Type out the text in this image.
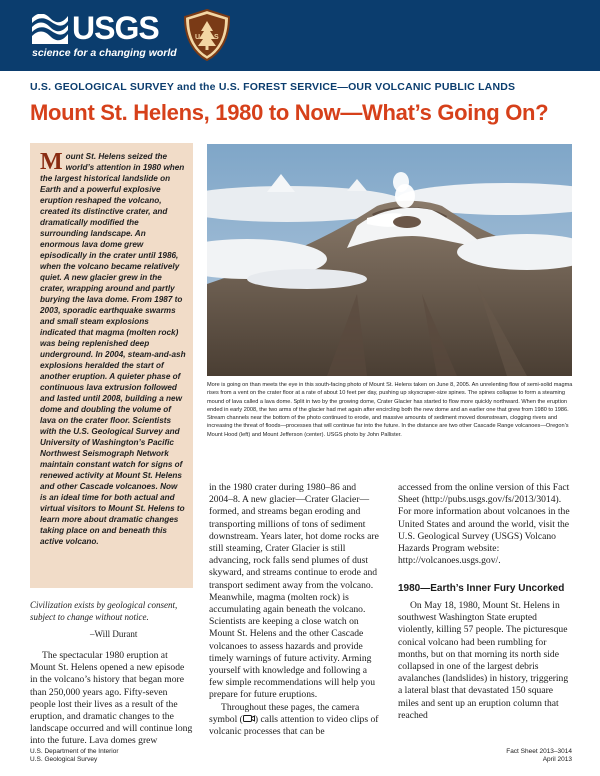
USGS
science for a changing world
U S
U.S. GEOLOGICAL SURVEY and the U.S. FOREST SERVICE—OUR VOLCANIC PUBLIC LANDS
Mount St. Helens, 1980 to Now—What’s Going On?
Mount St. Helens seized the world’s attention in 1980 when the largest historical landslide on Earth and a powerful explosive eruption reshaped the volcano, created its distinctive crater, and dramatically modified the surrounding landscape. An enormous lava dome grew episodically in the crater until 1986, when the volcano became relatively quiet. A new glacier grew in the crater, wrapping around and partly burying the lava dome. From 1987 to 2003, sporadic earthquake swarms and small steam explosions indicated that magma (molten rock) was being replenished deep underground. In 2004, steam-and-ash explosions heralded the start of another eruption. A quieter phase of continuous lava extrusion followed and lasted until 2008, building a new dome and doubling the volume of lava on the crater floor. Scientists with the U.S. Geological Survey and University of Washington’s Pacific Northwest Seismograph Network maintain constant watch for signs of renewed activity at Mount St. Helens and other Cascade volcanoes. Now is an ideal time for both actual and virtual visitors to Mount St. Helens to learn more about dramatic changes taking place on and beneath this active volcano.
Civilization exists by geological consent, subject to change without notice.
–Will Durant
The spectacular 1980 eruption at Mount St. Helens opened a new episode in the volcano’s history that began more than 250,000 years ago. Fifty-seven people lost their lives as a result of the eruption, and dramatic changes to the landscape occurred and will continue long into the future. Lava domes grew
More is going on than meets the eye in this south-facing photo of Mount St. Helens taken on June 8, 2005. An unrelenting flow of semi-solid magma rises from a vent on the crater floor at a rate of about 10 feet per day, pushing up skyscraper-size spines. The spines collapse to form a steaming mound of lava called a lava dome. Split in two by the growing dome, Crater Glacier has started to flow more quickly northward. When the eruption ended in early 2008, the two arms of the glacier had met again after encircling both the new dome and an earlier one that grew from 1980 to 1986. Stream channels near the bottom of the photo continued to erode, and massive amounts of sediment moved downstream, clogging rivers and increasing the threat of floods—processes that will continue far into the future. In the distance are two other Cascade Range volcanoes—Oregon’s Mount Hood (left) and Mount Jefferson (center). USGS photo by John Pallister.

in the 1980 crater during 1980–86 and 2004–8. A new glacier—Crater Glacier—formed, and streams began eroding and transporting millions of tons of sediment downstream. Years later, hot dome rocks are still steaming, Crater Glacier is still advancing, rock falls send plumes of dust skyward, and streams continue to erode and transport sediment away from the volcano. Meanwhile, magma (molten rock) is accumulating again beneath the volcano. Scientists are keeping a close watch on Mount St. Helens and the other Cascade volcanoes to assess hazards and provide timely warnings of future activity. Arming yourself with knowledge and following a few simple recommendations will help you prepare for future eruptions.

Throughout these pages, the camera symbol ( ) calls attention to video clips of volcanic processes that can be

accessed from the online version of this Fact Sheet (http://pubs.usgs.gov/fs/2013/3014). For more information about volcanoes in the United States and around the world, visit the U.S. Geological Survey (USGS) Volcano Hazards Program website: http://volcanoes.usgs.gov/.

1980—Earth’s Inner Fury Uncorked

On May 18, 1980, Mount St. Helens in southwest Washington State erupted violently, killing 57 people. The picturesque conical volcano had been rumbling for months, but on that morning its north side collapsed in one of the largest debris avalanches (landslides) in history, triggering a lateral blast that devastated 150 square miles and sent up an eruption column that reached

U.S. Department of the Interior
U.S. Geological Survey
Fact Sheet 2013–3014
April 2013
